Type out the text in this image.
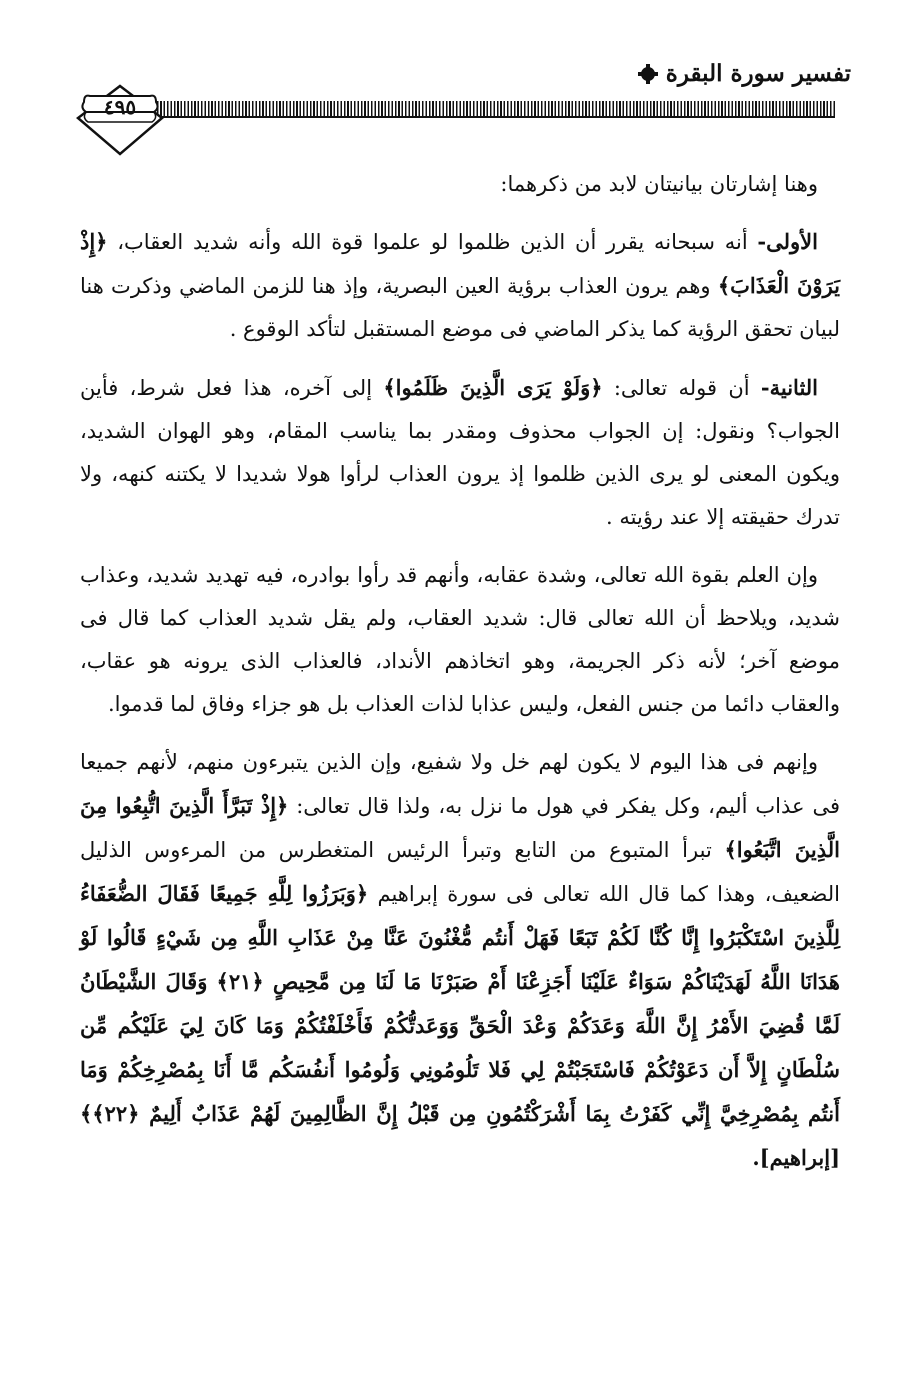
تفسير سورة البقرة
٤٩٥

وهنا إشارتان بيانيتان لابد من ذكرهما:

الأولى- أنه سبحانه يقرر أن الذين ظلموا لو علموا قوة الله وأنه شديد العقاب، ﴿إِذْ يَرَوْنَ الْعَذَابَ﴾ وهم يرون العذاب برؤية العين البصرية، وإذ هنا للزمن الماضي وذكرت هنا لبيان تحقق الرؤية كما يذكر الماضي فى موضع المستقبل لتأكد الوقوع .

الثانية- أن قوله تعالى: ﴿وَلَوْ يَرَى الَّذِينَ ظَلَمُوا﴾ إلى آخره، هذا فعل شرط، فأين الجواب؟ ونقول: إن الجواب محذوف ومقدر بما يناسب المقام، وهو الهوان الشديد، ويكون المعنى لو يرى الذين ظلموا إذ يرون العذاب لرأوا هولا شديدا لا يكتنه كنهه، ولا تدرك حقيقته إلا عند رؤيته .

وإن العلم بقوة الله تعالى، وشدة عقابه، وأنهم قد رأوا بوادره، فيه تهديد شديد، وعذاب شديد، ويلاحظ أن الله تعالى قال: شديد العقاب، ولم يقل شديد العذاب كما قال فى موضع آخر؛ لأنه ذكر الجريمة، وهو اتخاذهم الأنداد، فالعذاب الذى يرونه هو عقاب، والعقاب دائما من جنس الفعل، وليس عذابا لذات العذاب بل هو جزاء وفاق لما قدموا.

وإنهم فى هذا اليوم لا يكون لهم خل ولا شفيع، وإن الذين يتبرءون منهم، لأنهم جميعا فى عذاب أليم، وكل يفكر في هول ما نزل به، ولذا قال تعالى: ﴿إِذْ تَبَرَّأَ الَّذِينَ اتُّبِعُوا مِنَ الَّذِينَ اتَّبَعُوا﴾ تبرأ المتبوع من التابع وتبرأ الرئيس المتغطرس من المرءوس الذليل الضعيف، وهذا كما قال الله تعالى فى سورة إبراهيم ﴿وَبَرَزُوا لِلَّهِ جَمِيعًا فَقَالَ الضُّعَفَاءُ لِلَّذِينَ اسْتَكْبَرُوا إِنَّا كُنَّا لَكُمْ تَبَعًا فَهَلْ أَنتُم مُّغْنُونَ عَنَّا مِنْ عَذَابِ اللَّهِ مِن شَيْءٍ قَالُوا لَوْ هَدَانَا اللَّهُ لَهَدَيْنَاكُمْ سَوَاءٌ عَلَيْنَا أَجَزِعْنَا أَمْ صَبَرْنَا مَا لَنَا مِن مَّحِيصٍ ﴿٢١﴾ وَقَالَ الشَّيْطَانُ لَمَّا قُضِيَ الأَمْرُ إِنَّ اللَّهَ وَعَدَكُمْ وَعْدَ الْحَقِّ وَوَعَدتُّكُمْ فَأَخْلَفْتُكُمْ وَمَا كَانَ لِيَ عَلَيْكُم مِّن سُلْطَانٍ إِلاَّ أَن دَعَوْتُكُمْ فَاسْتَجَبْتُمْ لِي فَلا تَلُومُونِي وَلُومُوا أَنفُسَكُم مَّا أَنَا بِمُصْرِخِكُمْ وَمَا أَنتُم بِمُصْرِخِيَّ إِنِّي كَفَرْتُ بِمَا أَشْرَكْتُمُونِ مِن قَبْلُ إِنَّ الظَّالِمِينَ لَهُمْ عَذَابٌ أَلِيمٌ ﴿٢٢﴾﴾ [إبراهيم].
